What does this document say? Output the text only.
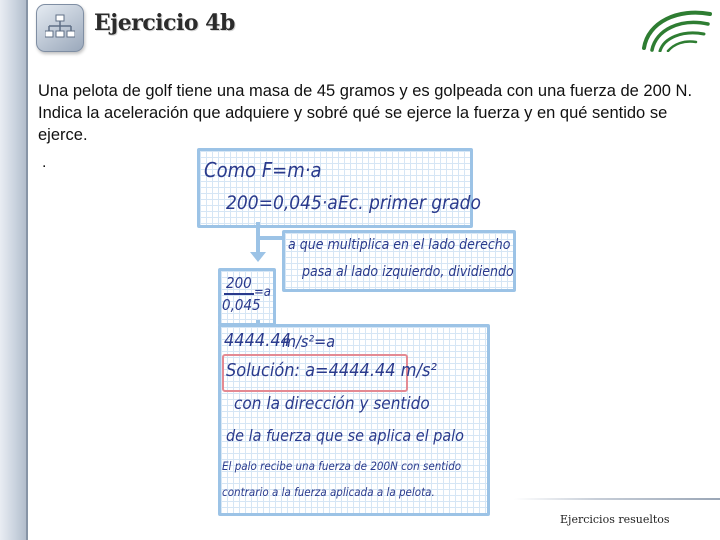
Ejercicio 4b
Una pelota de golf tiene una masa de 45 gramos y es golpeada con una fuerza de 200 N. Indica la aceleración que adquiere y sobré qué se ejerce la fuerza y en qué sentido se ejerce.
.	Como F=m·a
200=0,045·a Ec. primer grado
a que multiplica en el lado derecho
pasa al lado izquierdo, dividiendo
200
0,045
=a
4444.44
m/s²=a
Solución: a=4444.44 m/s²
con la dirección y sentido
de la fuerza que se aplica el palo
El palo recibe una fuerza de 200N con sentido
contrario a la fuerza aplicada a la pelota.
Ejercicios resueltos
